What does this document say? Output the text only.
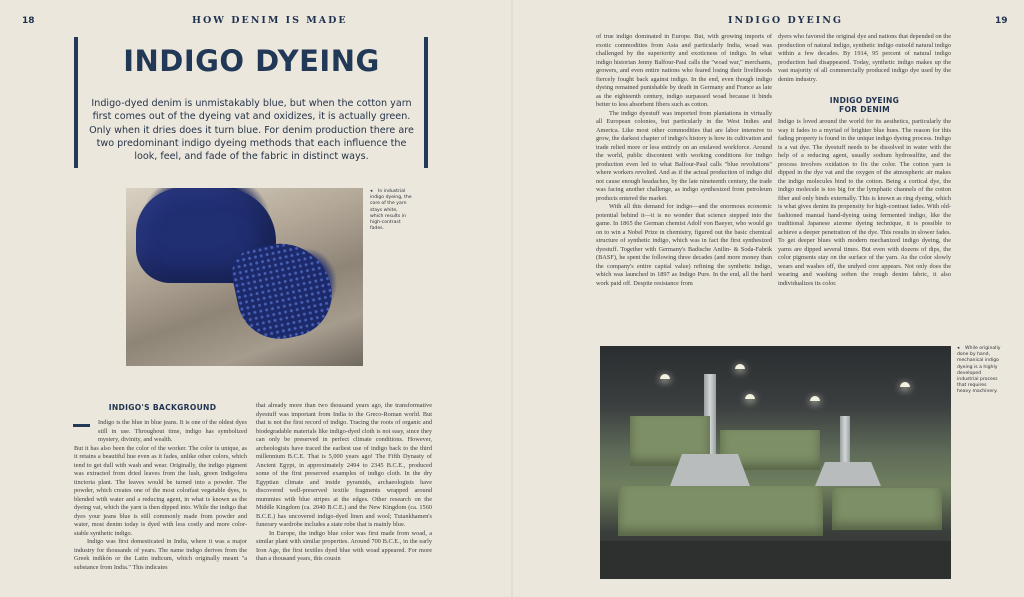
18	HOW DENIM IS MADE
INDIGO DYEING
Indigo-dyed denim is unmistakably blue, but when the cotton yarn first comes out of the dyeing vat and oxidizes, it is actually green. Only when it dries does it turn blue. For denim production there are two predominant indigo dyeing methods that each influence the look, feel, and fade of the fabric in distinct ways.
◂ In industrial indigo dyeing, the core of the yarn stays white, which results in high-contrast fades.
INDIGO'S BACKGROUND

Indigo is the blue in blue jeans. It is one of the oldest dyes still in use. Throughout time, indigo has symbolized mystery, divinity, and wealth.
But it has also been the color of the worker. The color is unique, as it retains a beautiful hue even as it fades, unlike other colors, which tend to get dull with wash and wear. Originally, the indigo pigment was extracted from dried leaves from the lush, green Indigofera tinctoria plant. The leaves would be turned into a powder. The powder, which creates one of the most colorfast vegetable dyes, is blended with water and a reducing agent, in what is known as the dyeing vat, which the yarn is then dipped into. While the indigo that dyes your jeans blue is still commonly made from powder and water, most denim today is dyed with less costly and more color-stable synthetic indigo.

Indigo was first domesticated in India, where it was a major industry for thousands of years. The name indigo derives from the Greek indikón or the Latin indicum, which originally meant "a substance from India." This indicates

that already more than two thousand years ago, the transformative dyestuff was important from India to the Greco-Roman world. But that is not the first record of indigo. Tracing the roots of organic and biodegradable materials like indigo-dyed cloth is not easy, since they can only be preserved in perfect climate conditions. However, archeologists have traced the earliest use of indigo back to the third millennium B.C.E. That is 5,000 years ago! The Fifth Dynasty of Ancient Egypt, in approximately 2494 to 2345 B.C.E., produced some of the first preserved examples of indigo cloth. In the dry Egyptian climate and inside pyramids, archaeologists have discovered well-preserved textile fragments wrapped around mummies with blue stripes at the edges. Other research on the Middle Kingdom (ca. 2040 B.C.E.) and the New Kingdom (ca. 1560 B.C.E.) has uncovered indigo-dyed linen and wool; Tutankhamen's funerary wardrobe includes a state robe that is mainly blue.

In Europe, the indigo blue color was first made from woad, a similar plant with similar properties. Around 700 B.C.E., in the early Iron Age, the first textiles dyed blue with woad appeared. For more than a thousand years, this cousin

INDIGO DYEING	19

of true indigo dominated in Europe. But, with growing imports of exotic commodities from Asia and particularly India, woad was challenged by the superiority and exoticness of indigo. In what indigo historian Jenny Balfour-Paul calls the "woad war," merchants, growers, and even entire nations who feared losing their livelihoods fiercely fought back against indigo. In the end, even though indigo dyeing remained punishable by death in Germany and France as late as the eighteenth century, indigo surpassed woad because it binds better to less absorbent fibers such as cotton.

The indigo dyestuff was imported from plantations in virtually all European colonies, but particularly in the West Indies and America. Like most other commodities that are labor intensive to grow, the darkest chapter of indigo's history is how its cultivation and trade relied more or less entirely on an enslaved workforce. Around the world, public discontent with working conditions for indigo production even led to what Balfour-Paul calls "blue revolutions" where workers revolted. And as if the actual production of indigo did not cause enough headaches, by the late nineteenth century, the trade was facing another challenge, as indigo synthesized from petroleum products entered the market.

With all this demand for indigo—and the enormous economic potential behind it—it is no wonder that science stepped into the game. In 1865 the German chemist Adolf von Baeyer, who would go on to win a Nobel Prize in chemistry, figured out the basic chemical structure of synthetic indigo, which was in fact the first synthesized dyestuff. Together with Germany's Badische Anilin- & Soda-Fabrik (BASF), he spent the following three decades (and more money than the company's entire capital value) refining the synthetic indigo, which was launched in 1897 as Indigo Pure. In the end, all the hard work paid off. Despite resistance from

dyers who favored the original dye and nations that depended on the production of natural indigo, synthetic indigo outsold natural indigo within a few decades. By 1914, 95 percent of natural indigo production had disappeared. Today, synthetic indigo makes up the vast majority of all commercially produced indigo dye used by the denim industry.

INDIGO DYEING
FOR DENIM

Indigo is loved around the world for its aesthetics, particularly the way it fades to a myriad of brighter blue hues. The reason for this fading property is found in the unique indigo dyeing process. Indigo is a vat dye. The dyestuff needs to be dissolved in water with the help of a reducing agent, usually sodium hydrosulfite, and the process involves oxidation to fix the color. The cotton yarn is dipped in the dye vat and the oxygen of the atmospheric air makes the indigo molecules bind to the cotton. Being a cortical dye, the indigo molecule is too big for the lymphatic channels of the cotton fiber and only binds externally. This is known as ring dyeing, which is what gives denim its propensity for high-contrast fades. With old-fashioned manual hand-dyeing using fermented indigo, like the traditional Japanese aizome dyeing technique, it is possible to achieve a deeper penetration of the dye. This results in slower fades. To get deeper blues with modern mechanized indigo dyeing, the yarns are dipped several times. But even with dozens of dips, the color pigments stay on the surface of the yarn. As the color slowly wears and washes off, the undyed core appears. Not only does the wearing and washing soften the rough denim fabric, it also individualizes its color.

◂ While originally done by hand, mechanical indigo dyeing is a highly developed industrial process that requires heavy machinery.
